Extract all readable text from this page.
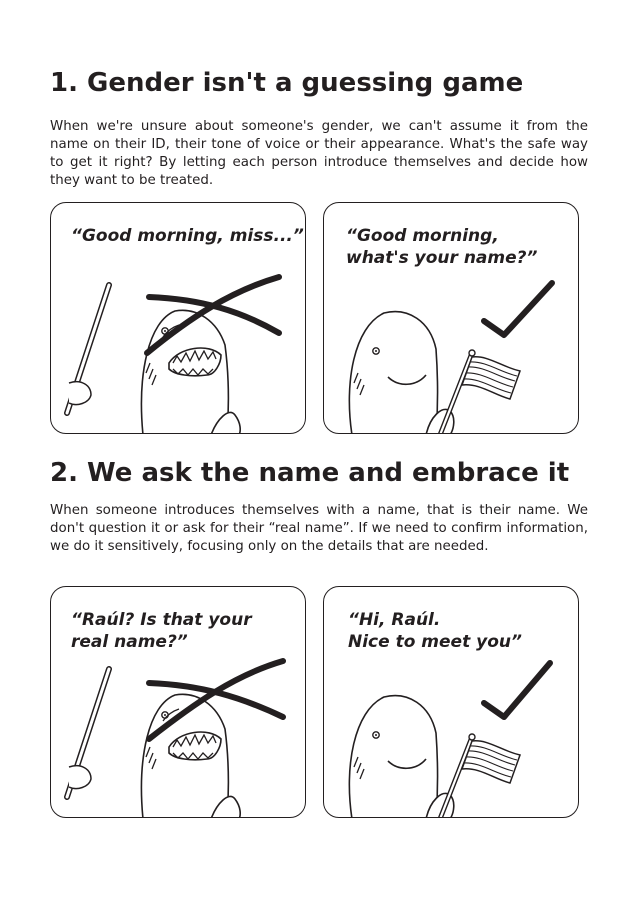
1. Gender isn't a guessing game

When we're unsure about someone's gender, we can't assume it from the name on their ID, their tone of voice or their appearance. What's the safe way to get it right? By letting each person introduce themselves and decide how they want to be treated.

“Good morning, miss...” “Good morning,
what's your name?”

2. We ask the name and embrace it

When someone introduces themselves with a name, that is their name. We don't question it or ask for their “real name”. If we need to confirm information, we do it sensitively, focusing only on the details that are needed.

“Raúl? Is that your
real name?”

“Hi, Raúl.
Nice to meet you”
